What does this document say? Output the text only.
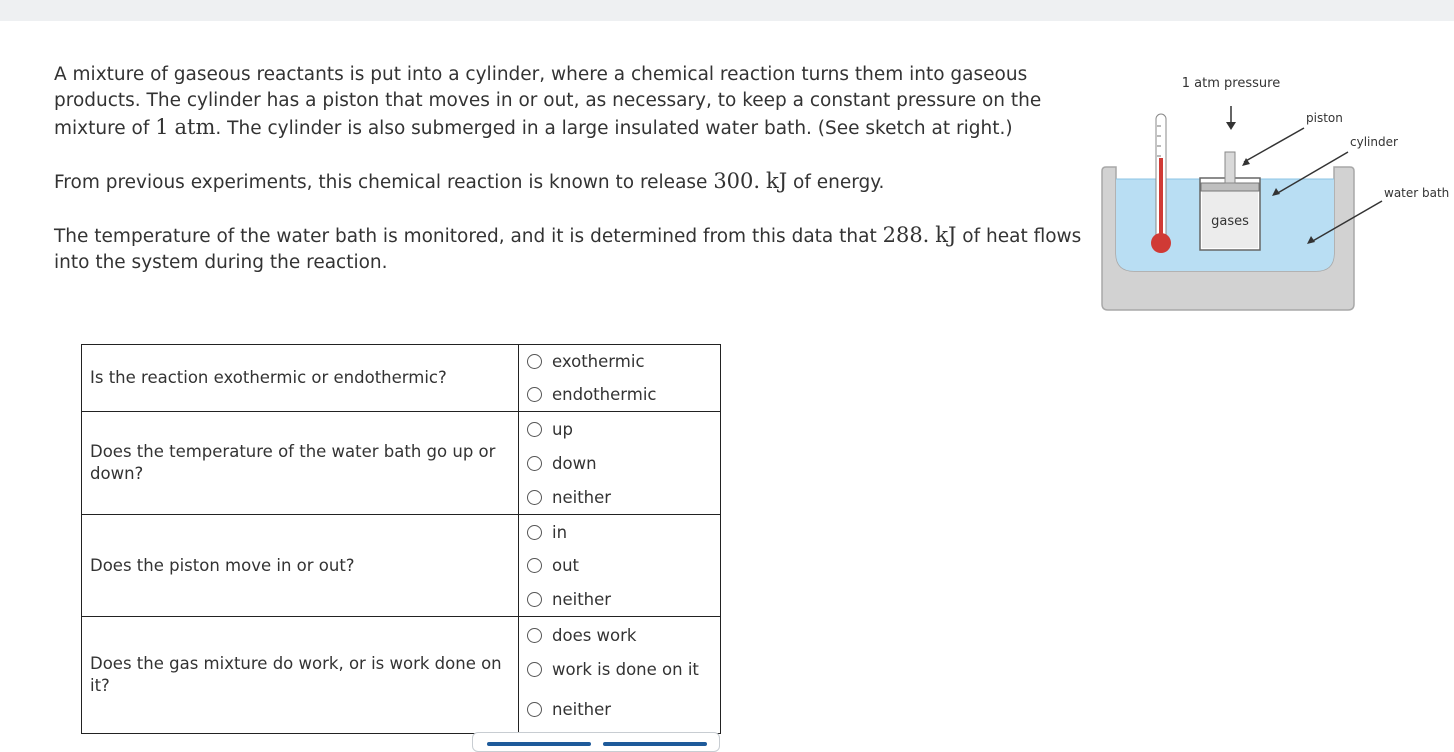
A mixture of gaseous reactants is put into a cylinder, where a chemical reaction turns them into gaseous products. The cylinder has a piston that moves in or out, as necessary, to keep a constant pressure on the mixture of 1 atm. The cylinder is also submerged in a large insulated water bath. (See sketch at right.)

From previous experiments, this chemical reaction is known to release 300. kJ of energy.

The temperature of the water bath is monitored, and it is determined from this data that 288. kJ of heat flows into the system during the reaction.

gases
1 atm pressure
piston
cylinder
water bath
Is the reaction exothermic or endothermic?	exothermic
endothermic

Does the temperature of the water bath go up or down?	up
down
neither

Does the piston move in or out?	in
out
neither

Does the gas mixture do work, or is work done on it?	does work
work is done on it
neither
